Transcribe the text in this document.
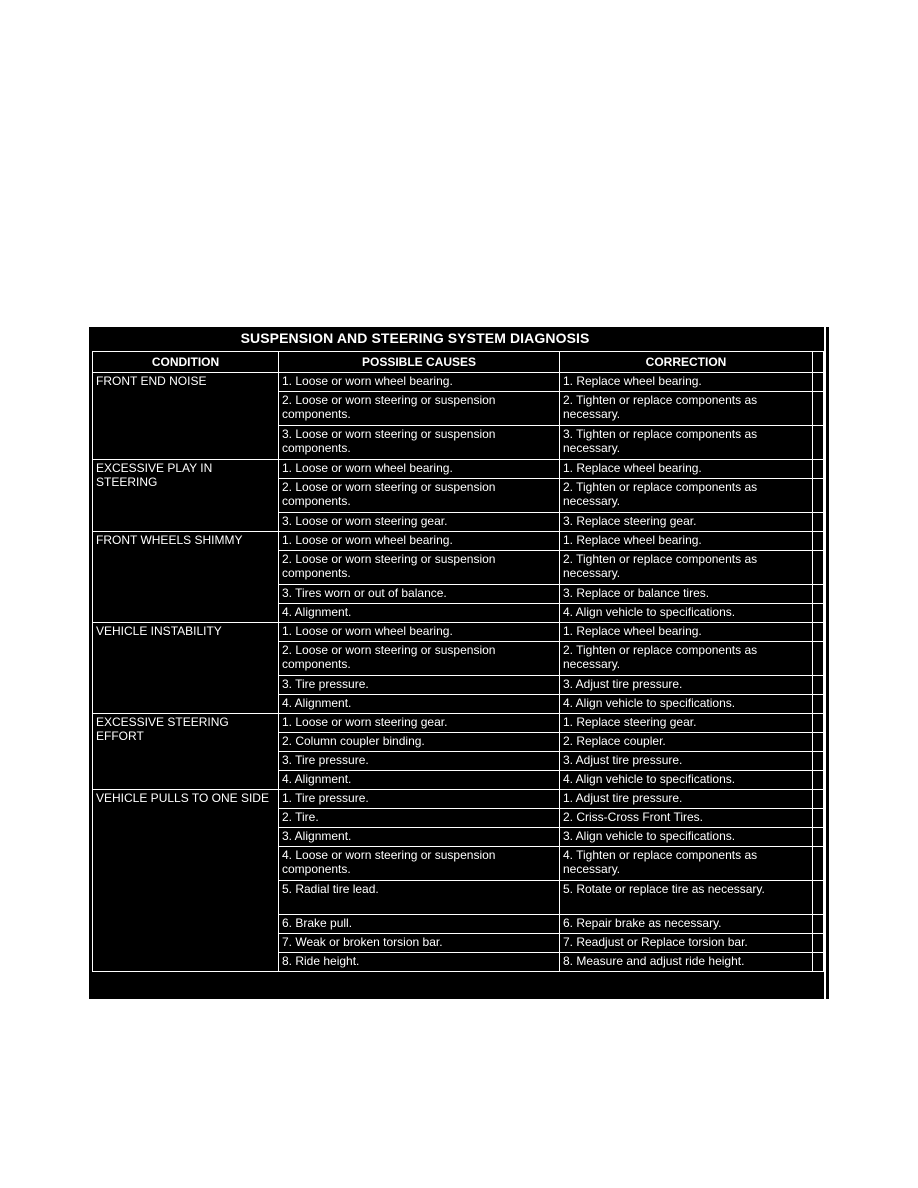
SUSPENSION AND STEERING SYSTEM DIAGNOSIS
CONDITION	POSSIBLE CAUSES	CORRECTION	

FRONT END NOISE	1. Loose or worn wheel bearing.	1. Replace wheel bearing.	
	2. Loose or worn steering or suspension components.	2. Tighten or replace components as necessary.	
	3. Loose or worn steering or suspension components.	3. Tighten or replace components as necessary.	

EXCESSIVE PLAY IN STEERING	1. Loose or worn wheel bearing.	1. Replace wheel bearing.	
	2. Loose or worn steering or suspension components.	2. Tighten or replace components as necessary.	
	3. Loose or worn steering gear.	3. Replace steering gear.	

FRONT WHEELS SHIMMY	1. Loose or worn wheel bearing.	1. Replace wheel bearing.	
	2. Loose or worn steering or suspension components.	2. Tighten or replace components as necessary.	
	3. Tires worn or out of balance.	3. Replace or balance tires.	
	4. Alignment.	4. Align vehicle to specifications.	

VEHICLE INSTABILITY	1. Loose or worn wheel bearing.	1. Replace wheel bearing.	
	2. Loose or worn steering or suspension components.	2. Tighten or replace components as necessary.	
	3. Tire pressure.	3. Adjust tire pressure.	
	4. Alignment.	4. Align vehicle to specifications.	

EXCESSIVE STEERING EFFORT	1. Loose or worn steering gear.	1. Replace steering gear.	
	2. Column coupler binding.	2. Replace coupler.	
	3. Tire pressure.	3. Adjust tire pressure.	
	4. Alignment.	4. Align vehicle to specifications.	

VEHICLE PULLS TO ONE SIDE	1. Tire pressure.	1. Adjust tire pressure.	
	2. Tire.	2. Criss-Cross Front Tires.	
	3. Alignment.	3. Align vehicle to specifications.	
	4. Loose or worn steering or suspension components.	4. Tighten or replace components as necessary.	
	5. Radial tire lead.	5. Rotate or replace tire as necessary.	
	6. Brake pull.	6. Repair brake as necessary.	
	7. Weak or broken torsion bar.	7. Readjust or Replace torsion bar.	
	8. Ride height.	8. Measure and adjust ride height.	
